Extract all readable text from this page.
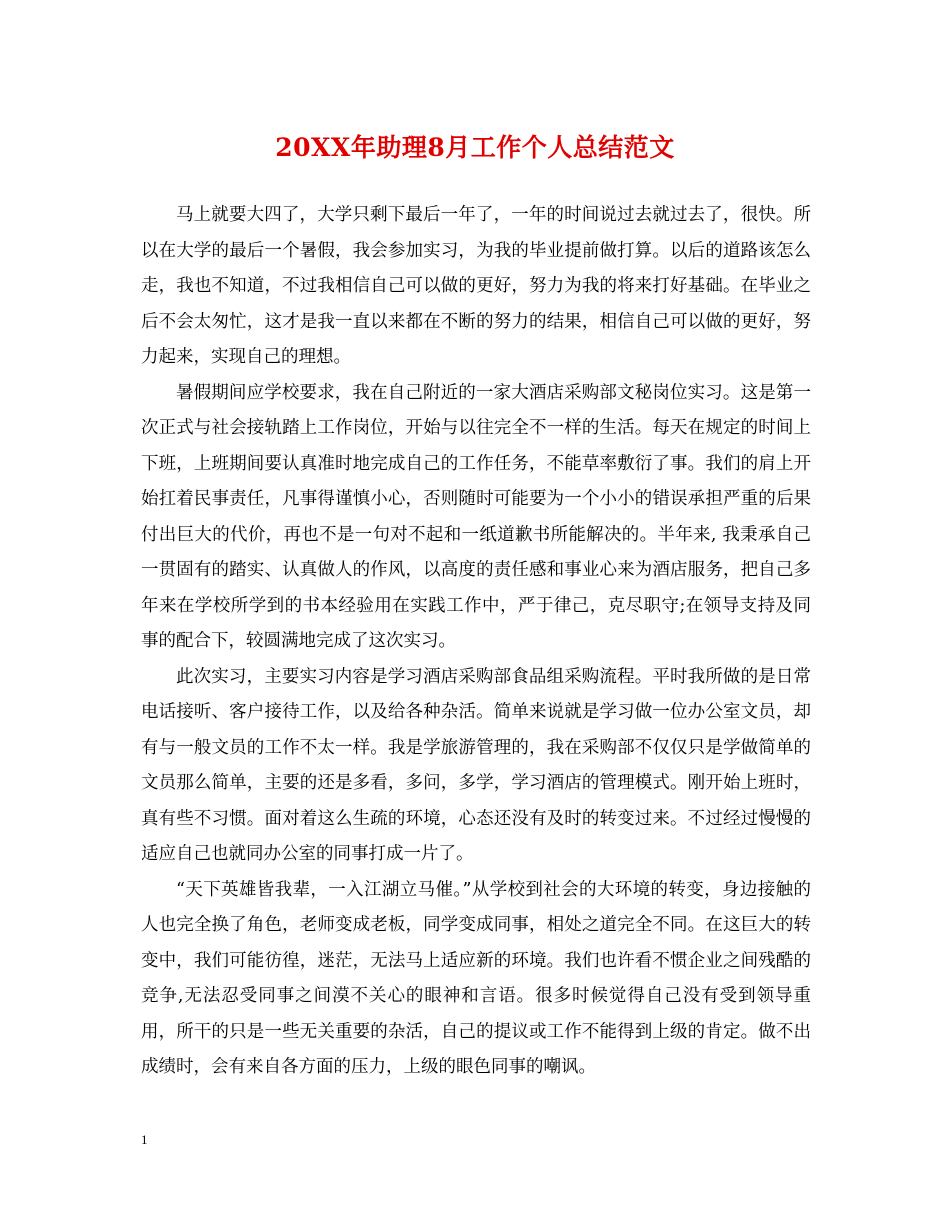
20XX年助理8月工作个人总结范文

马上就要大四了，大学只剩下最后一年了，一年的时间说过去就过去了，很快。所以在大学的最后一个暑假，我会参加实习，为我的毕业提前做打算。以后的道路该怎么走，我也不知道，不过我相信自己可以做的更好，努力为我的将来打好基础。在毕业之后不会太匆忙，这才是我一直以来都在不断的努力的结果，相信自己可以做的更好，努力起来，实现自己的理想。

暑假期间应学校要求，我在自己附近的一家大酒店采购部文秘岗位实习。这是第一次正式与社会接轨踏上工作岗位，开始与以往完全不一样的生活。每天在规定的时间上下班，上班期间要认真准时地完成自己的工作任务，不能草率敷衍了事。我们的肩上开始扛着民事责任，凡事得谨慎小心，否则随时可能要为一个小小的错误承担严重的后果付出巨大的代价，再也不是一句对不起和一纸道歉书所能解决的。半年来, 我秉承自己一贯固有的踏实、认真做人的作风，以高度的责任感和事业心来为酒店服务，把自己多年来在学校所学到的书本经验用在实践工作中，严于律己，克尽职守;在领导支持及同事的配合下，较圆满地完成了这次实习。

此次实习，主要实习内容是学习酒店采购部食品组采购流程。平时我所做的是日常电话接听、客户接待工作，以及给各种杂活。简单来说就是学习做一位办公室文员，却有与一般文员的工作不太一样。我是学旅游管理的，我在采购部不仅仅只是学做简单的文员那么简单，主要的还是多看，多问，多学，学习酒店的管理模式。刚开始上班时，真有些不习惯。面对着这么生疏的环境，心态还没有及时的转变过来。不过经过慢慢的适应自己也就同办公室的同事打成一片了。

“天下英雄皆我辈，一入江湖立马催。”从学校到社会的大环境的转变，身边接触的人也完全换了角色，老师变成老板，同学变成同事，相处之道完全不同。在这巨大的转变中，我们可能彷徨，迷茫，无法马上适应新的环境。我们也许看不惯企业之间残酷的竞争,无法忍受同事之间漠不关心的眼神和言语。很多时候觉得自己没有受到领导重用，所干的只是一些无关重要的杂活，自己的提议或工作不能得到上级的肯定。做不出成绩时，会有来自各方面的压力，上级的眼色同事的嘲讽。

1
